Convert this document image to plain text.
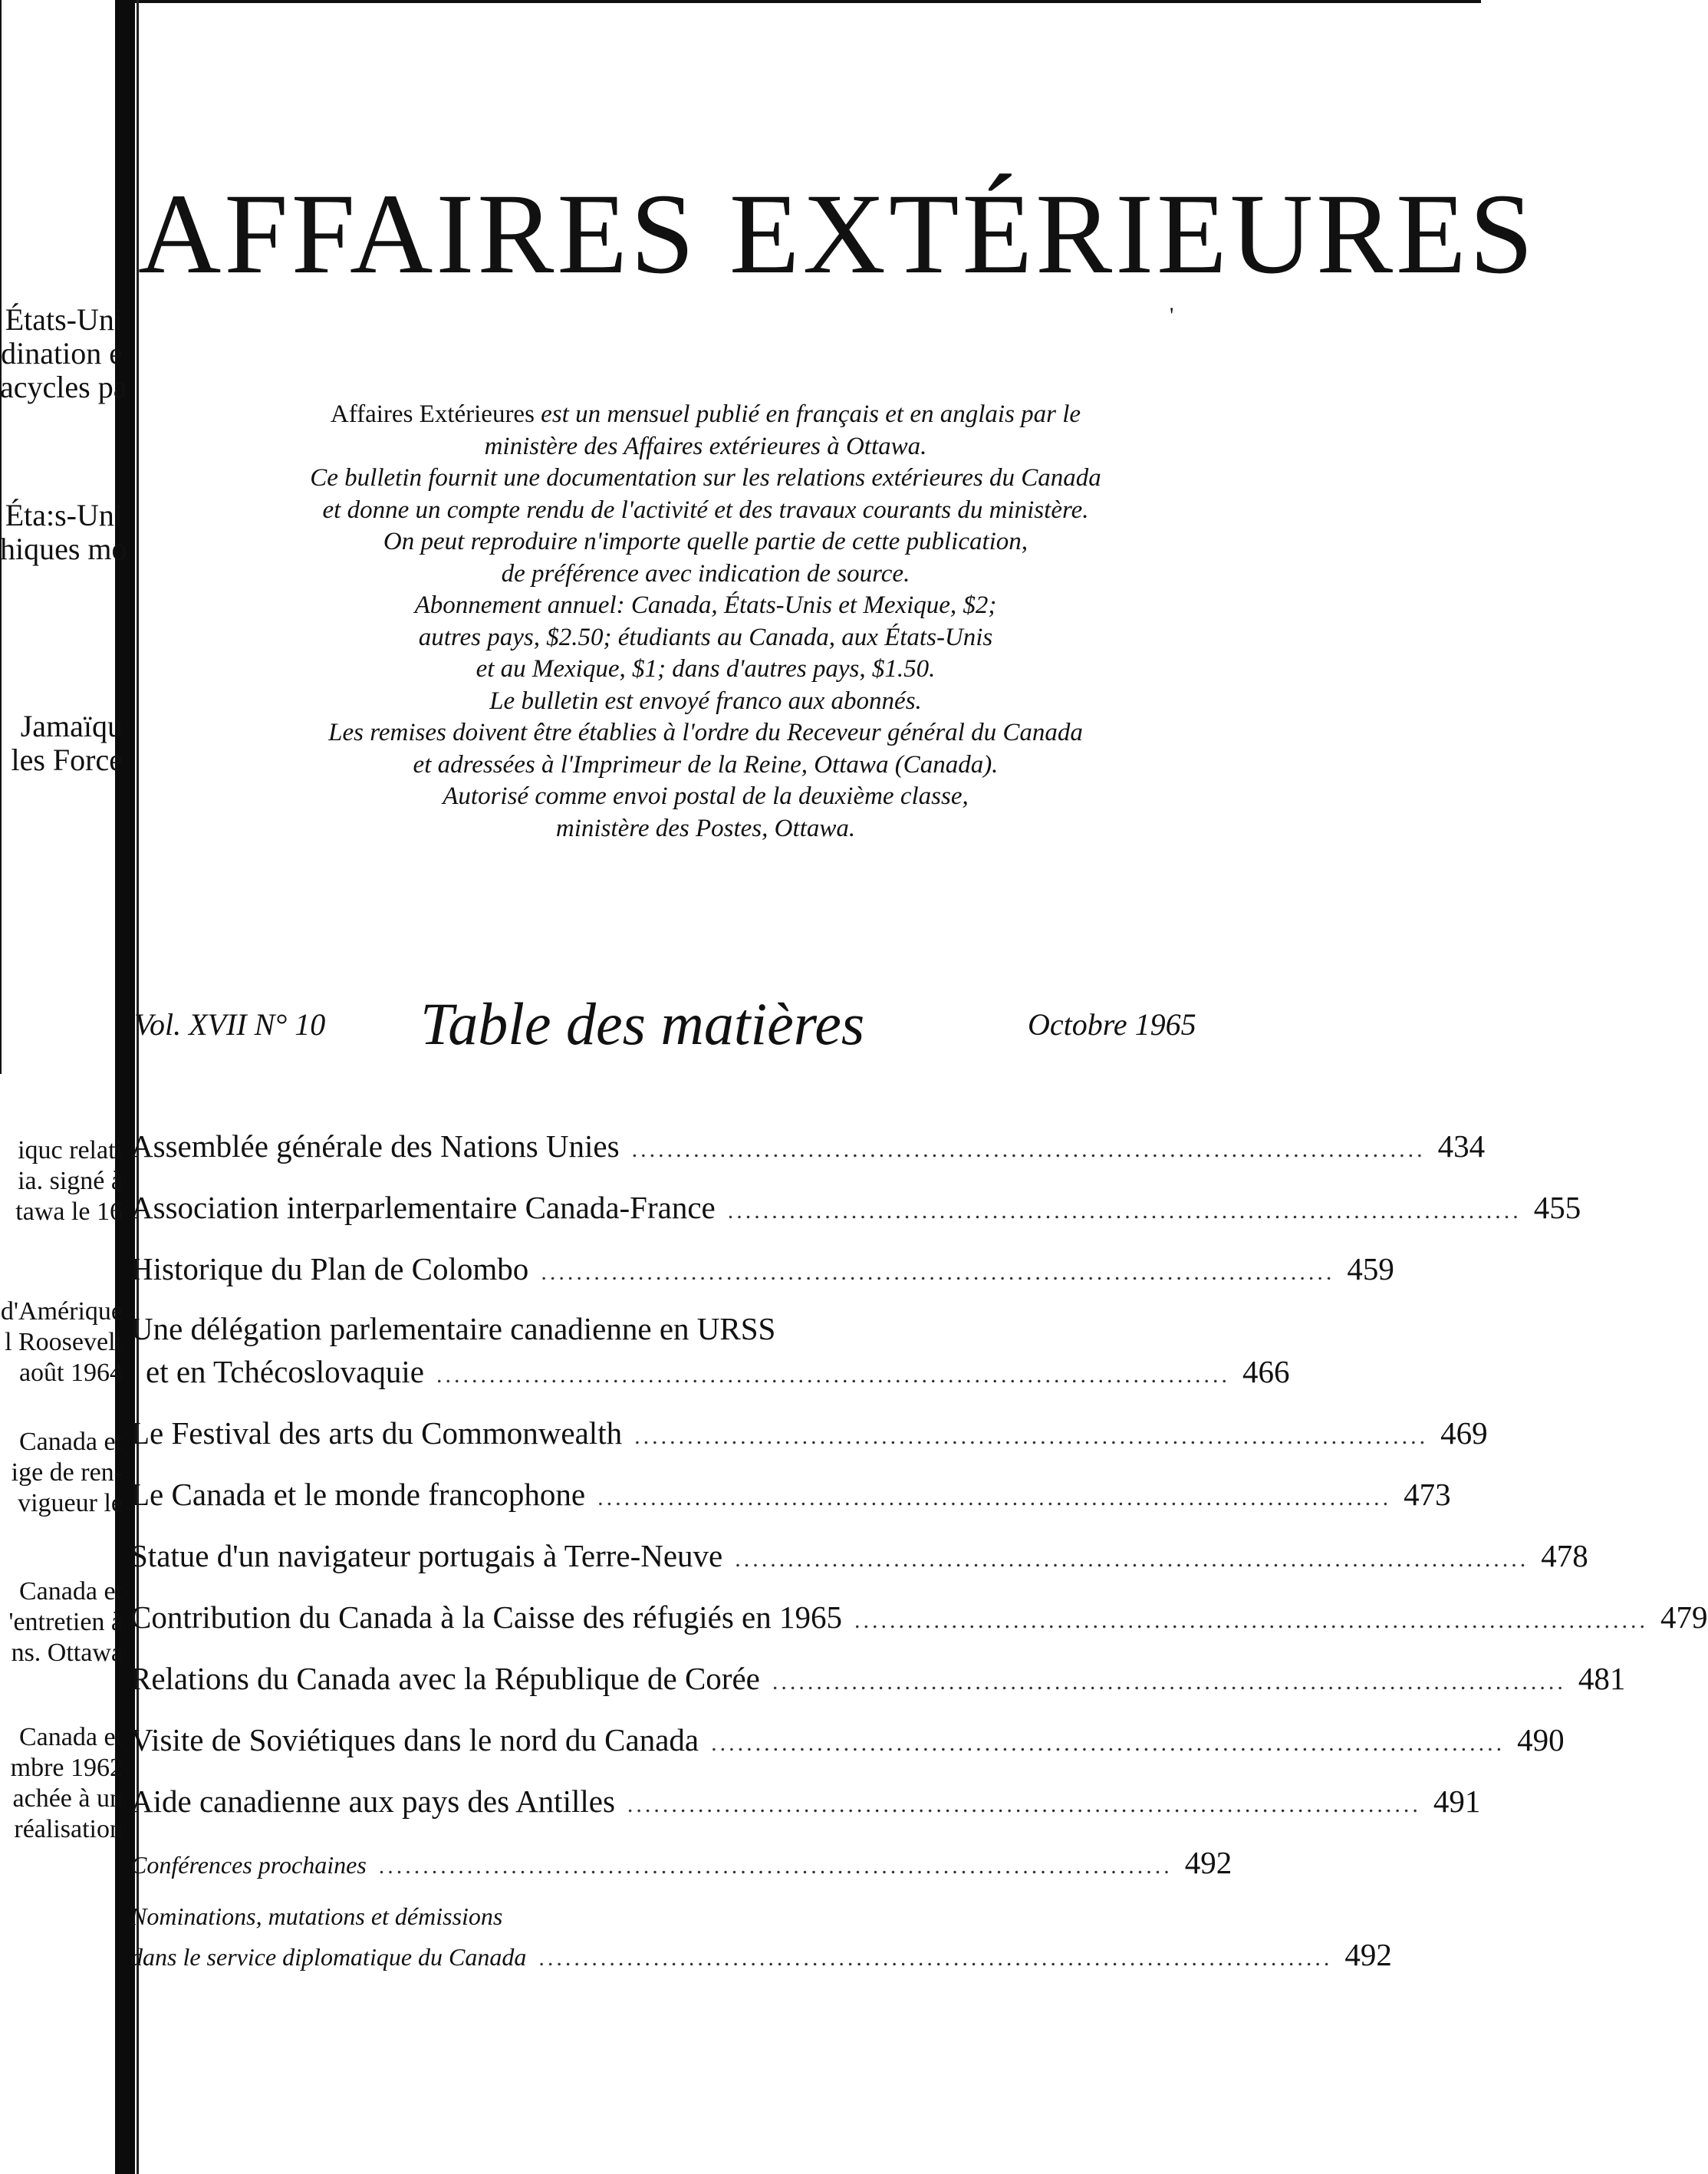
États-Uni
dination e
acycles pa
Éta:s-Uni
hiques mo
Jamaïqu
les Force
iquc relati
ia. signé à
tawa le 16
d'Amérique
l Roosevelt
août 1964
Canada et
ige de ren-
vigueur le
Canada et
'entretien à
ns. Ottawa
Canada et
mbre 1962
achée à un
réalisation
AFFAIRES EXTÉRIEURES
'
Affaires Extérieures est un mensuel publié en français et en anglais par le
ministère des Affaires extérieures à Ottawa.
Ce bulletin fournit une documentation sur les relations extérieures du Canada
et donne un compte rendu de l'activité et des travaux courants du ministère.
On peut reproduire n'importe quelle partie de cette publication,
de préférence avec indication de source.
Abonnement annuel: Canada, États-Unis et Mexique, $2;
autres pays, $2.50; étudiants au Canada, aux États-Unis
et au Mexique, $1; dans d'autres pays, $1.50.
Le bulletin est envoyé franco aux abonnés.
Les remises doivent être établies à l'ordre du Receveur général du Canada
et adressées à l'Imprimeur de la Reine, Ottawa (Canada).
Autorisé comme envoi postal de la deuxième classe,
ministère des Postes, Ottawa.
Vol. XVII N° 10 Table des matières	Octobre 1965
Assemblée générale des Nations Unies .......................................................................................... 434
Association interparlementaire Canada-France .......................................................................................... 455
Historique du Plan de Colombo .......................................................................................... 459
Une délégation parlementaire canadienne en URSS
et en Tchécoslovaquie .......................................................................................... 466
Le Festival des arts du Commonwealth .......................................................................................... 469
Le Canada et le monde francophone .......................................................................................... 473
Statue d'un navigateur portugais à Terre-Neuve .......................................................................................... 478
Contribution du Canada à la Caisse des réfugiés en 1965 .......................................................................................... 479
Relations du Canada avec la République de Corée .......................................................................................... 481
Visite de Soviétiques dans le nord du Canada .......................................................................................... 490
Aide canadienne aux pays des Antilles .......................................................................................... 491
Conférences prochaines .......................................................................................... 492
Nominations, mutations et démissions
dans le service diplomatique du Canada .......................................................................................... 492
